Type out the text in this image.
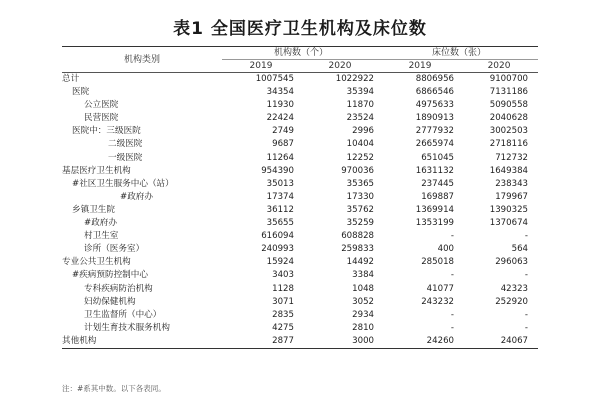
表1 全国医疗卫生机构及床位数
机构类别	机构数（个）		床位数（张）	
	2019	2020	2019	2020
总计	1007545	1022922	8806956	9100700
医院	34354	35394	6866546	7131186
公立医院	11930	11870	4975633	5090558
民营医院	22424	23524	1890913	2040628
医院中：三级医院	2749	2996	2777932	3002503
二级医院	9687	10404	2665974	2718116
一级医院	11264	12252	651045	712732
基层医疗卫生机构	954390	970036	1631132	1649384
#社区卫生服务中心（站）	35013	35365	237445	238343
#政府办	17374	17330	169887	179967
乡镇卫生院	36112	35762	1369914	1390325
#政府办	35655	35259	1353199	1370674
村卫生室	616094	608828	-	-
诊所（医务室）	240993	259833	400	564
专业公共卫生机构	15924	14492	285018	296063
#疾病预防控制中心	3403	3384	-	-
专科疾病防治机构	1128	1048	41077	42323
妇幼保健机构	3071	3052	243232	252920
卫生监督所（中心）	2835	2934	-	-
计划生育技术服务机构	4275	2810	-	-
其他机构	2877	3000	24260	24067
注：#系其中数。以下各表同。
